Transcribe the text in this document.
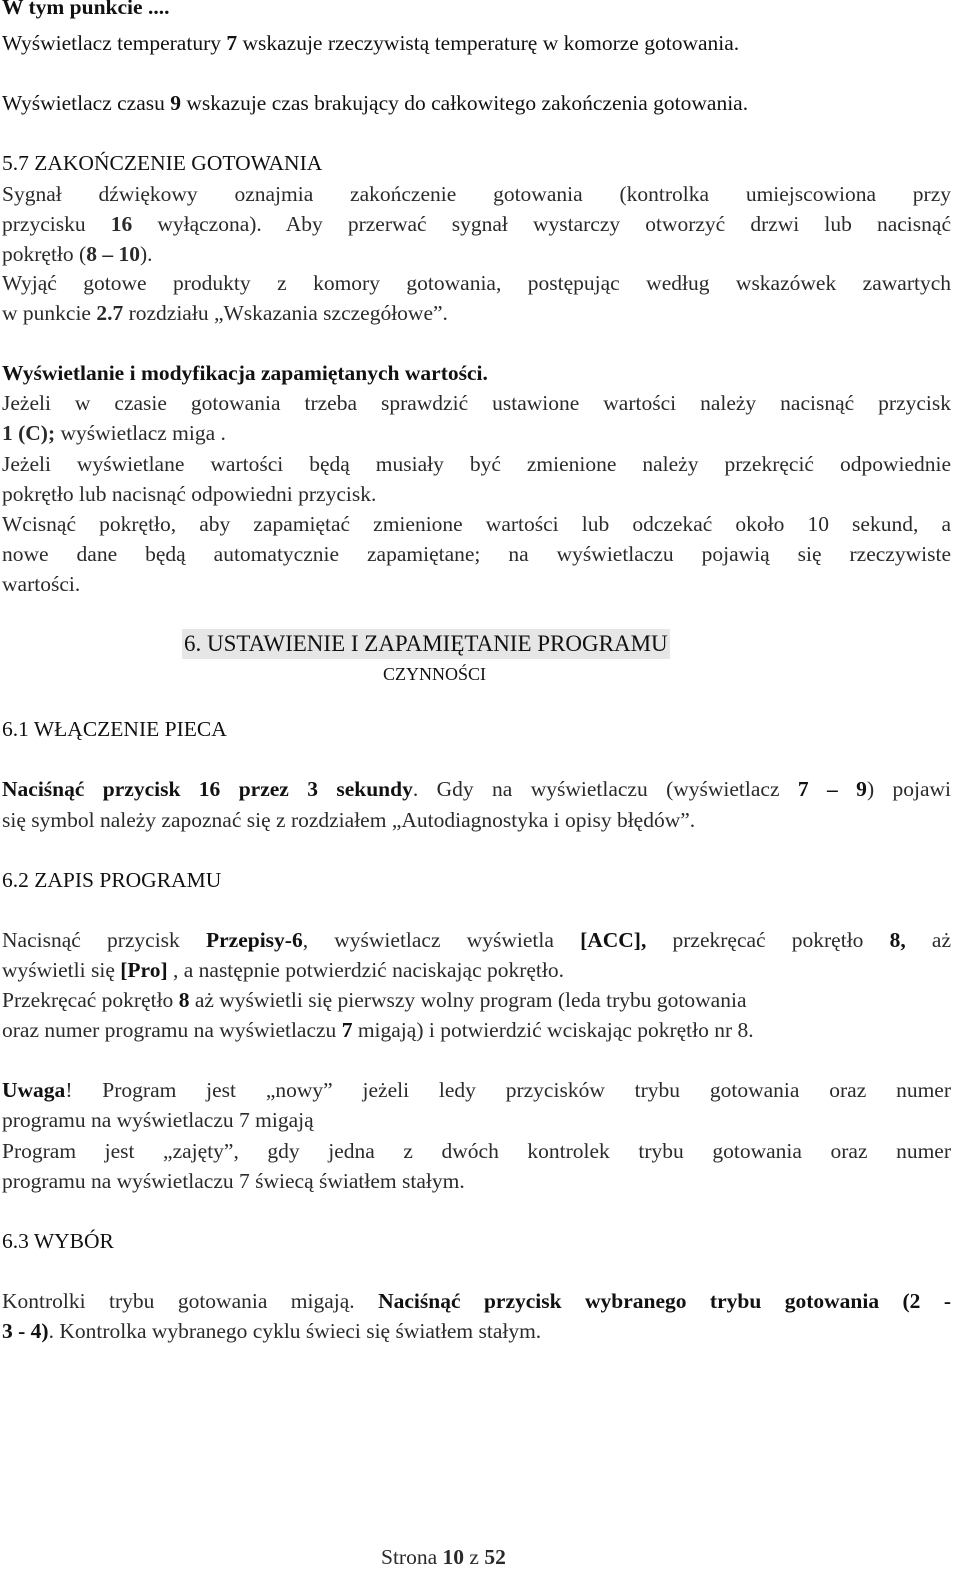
W tym punkcie ....
Wyświetlacz temperatury 7 wskazuje rzeczywistą temperaturę w komorze gotowania.
Wyświetlacz czasu 9 wskazuje czas brakujący do całkowitego zakończenia gotowania.
5.7 ZAKOŃCZENIE GOTOWANIA
Sygnał dźwiękowy oznajmia zakończenie gotowania (kontrolka umiejscowiona przy
przycisku 16 wyłączona). Aby przerwać sygnał wystarczy otworzyć drzwi lub nacisnąć
pokrętło (8 – 10).
Wyjąć gotowe produkty z komory gotowania, postępując według wskazówek zawartych
w punkcie 2.7 rozdziału „Wskazania szczegółowe”.
Wyświetlanie i modyfikacja zapamiętanych wartości.
Jeżeli w czasie gotowania trzeba sprawdzić ustawione wartości należy nacisnąć przycisk
1 (C); wyświetlacz miga .
Jeżeli wyświetlane wartości będą musiały być zmienione należy przekręcić odpowiednie
pokrętło lub nacisnąć odpowiedni przycisk.
Wcisnąć pokrętło, aby zapamiętać zmienione wartości lub odczekać około 10 sekund, a
nowe dane będą automatycznie zapamiętane; na wyświetlaczu pojawią się rzeczywiste
wartości.
6. USTAWIENIE I ZAPAMIĘTANIE PROGRAMU
CZYNNOŚCI
6.1 WŁĄCZENIE PIECA
Naciśnąć przycisk 16 przez 3 sekundy. Gdy na wyświetlaczu (wyświetlacz 7 – 9) pojawi
się symbol należy zapoznać się z rozdziałem „Autodiagnostyka i opisy błędów”.
6.2 ZAPIS PROGRAMU
Nacisnąć przycisk Przepisy-6, wyświetlacz wyświetla [ACC], przekręcać pokrętło 8, aż
wyświetli się [Pro] , a następnie potwierdzić naciskając pokrętło.
Przekręcać pokrętło 8 aż wyświetli się pierwszy wolny program (leda trybu gotowania
oraz numer programu na wyświetlaczu 7 migają) i potwierdzić wciskając pokrętło nr 8.
Uwaga! Program jest „nowy” jeżeli ledy przycisków trybu gotowania oraz numer
programu na wyświetlaczu 7 migają
Program jest „zajęty”, gdy jedna z dwóch kontrolek trybu gotowania oraz numer
programu na wyświetlaczu 7 świecą światłem stałym.
6.3 WYBÓR
Kontrolki trybu gotowania migają. Naciśnąć przycisk wybranego trybu gotowania (2 -
3 - 4). Kontrolka wybranego cyklu świeci się światłem stałym.
Strona 10 z 52
